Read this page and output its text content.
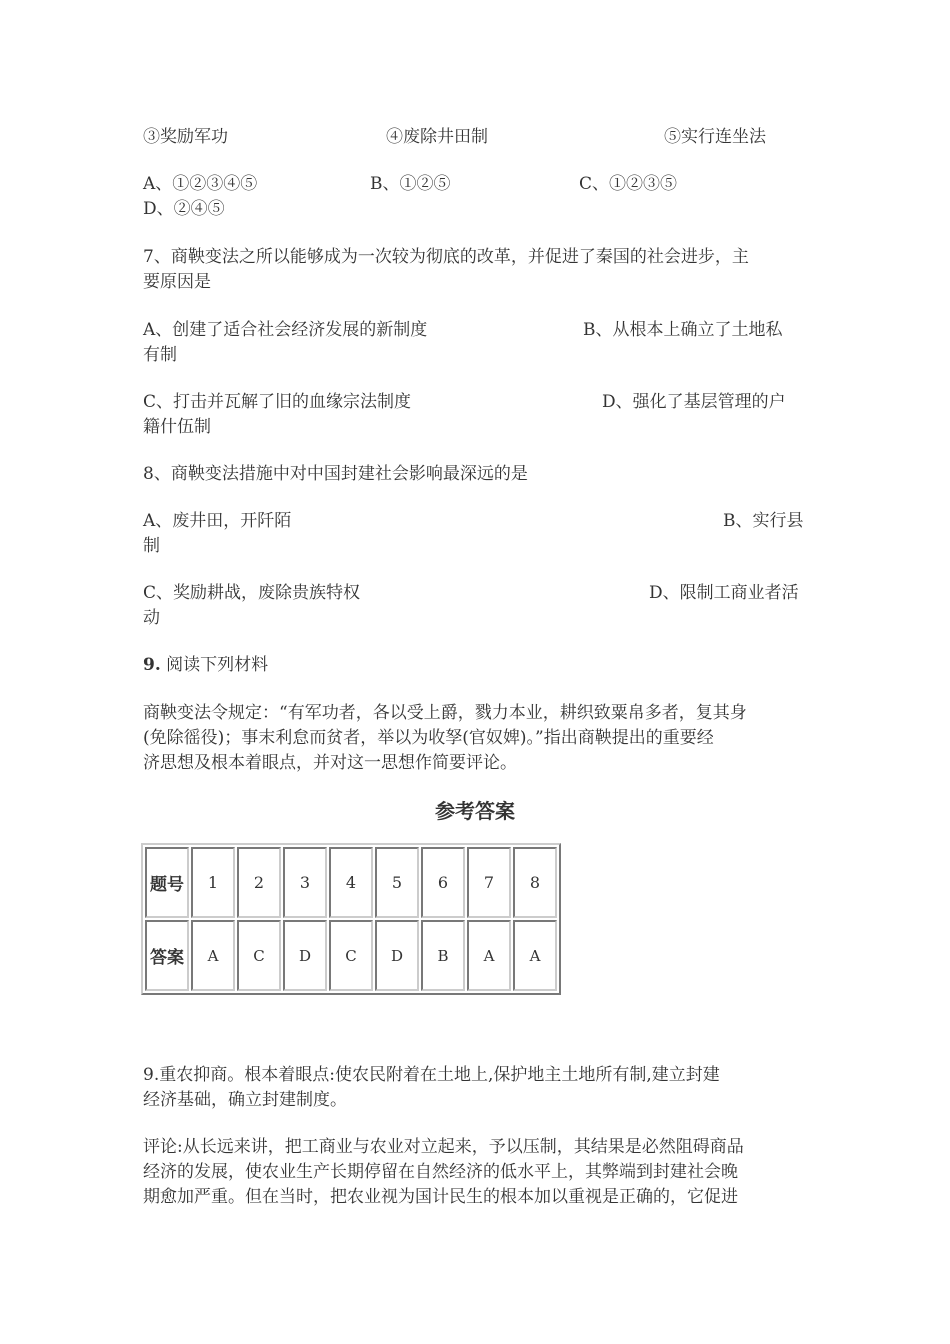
③奖励军功	④废除井田制	⑤实行连坐法
A、①②③④⑤	B、①②⑤	C、①②③⑤
D、②④⑤
7、商鞅变法之所以能够成为一次较为彻底的改革，并促进了秦国的社会进步，主
要原因是
A、创建了适合社会经济发展的新制度	B、从根本上确立了土地私
有制
C、打击并瓦解了旧的血缘宗法制度	D、强化了基层管理的户
籍什伍制
8、商鞅变法措施中对中国封建社会影响最深远的是
A、废井田，开阡陌	B、实行县
制
C、奖励耕战，废除贵族特权	D、限制工商业者活
动
9. 阅读下列材料
商鞅变法令规定：“有军功者，各以受上爵，戮力本业，耕织致粟帛多者，复其身
(免除徭役)；事末利怠而贫者，举以为收孥(官奴婢)。”指出商鞅提出的重要经
济思想及根本着眼点，并对这一思想作简要评论。
参考答案
题号	1	2	3	4	5	6	7	8
答案	A	C	D	C	D	B	A	A
9.重农抑商。根本着眼点:使农民附着在土地上,保护地主土地所有制,建立封建
经济基础，确立封建制度。
评论:从长远来讲，把工商业与农业对立起来，予以压制，其结果是必然阻碍商品
经济的发展，使农业生产长期停留在自然经济的低水平上，其弊端到封建社会晚
期愈加严重。但在当时，把农业视为国计民生的根本加以重视是正确的，它促进
